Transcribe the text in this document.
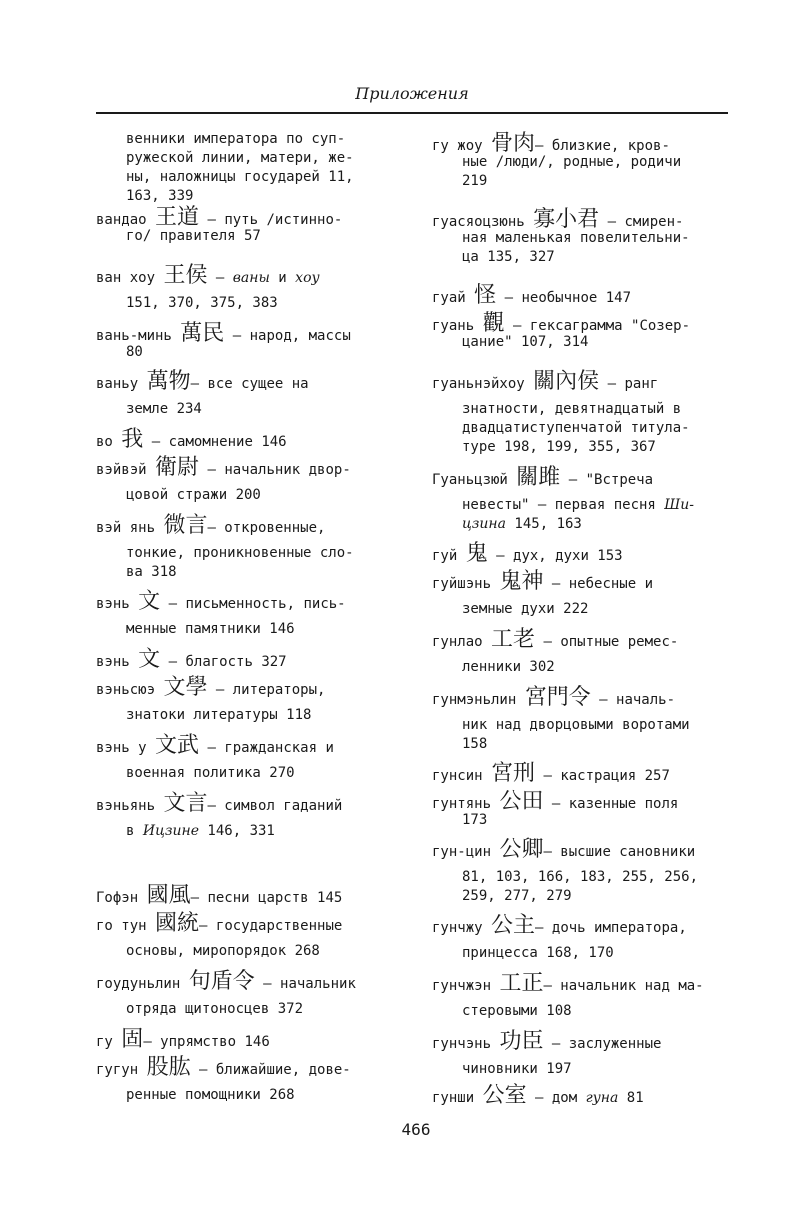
Приложения
венники императора по суп-
ружеской линии, матери, же-
ны, наложницы государей 11,
163, 339
вандао 王道 – путь /истинно-
го/ правителя 57
ван хоу 王侯 – ваны и хоу
151, 370, 375, 383
вань-минь 萬民 – народ, массы
80
ваньу 萬物– все сущее на
земле 234
во 我 – самомнение 146
вэйвэй 衛尉 – начальник двор-
цовой стражи 200
вэй янь 微言– откровенные,
тонкие, проникновенные сло-
ва 318
вэнь 文 – письменность, пись-
менные памятники 146
вэнь 文 – благость 327
вэньсюэ 文學 – литераторы,
знатоки литературы 118
вэнь у 文武 – гражданская и
военная политика 270
вэньянь 文言– символ гаданий
в Ицзине 146, 331
Гофэн 國風– песни царств 145
го тун 國統– государственные
основы, миропорядок 268
гоудуньлин 句盾令 – начальник
отряда щитоносцев 372
гу 固– упрямство 146
гугун 股肱 – ближайшие, дове-
ренные помощники 268
гу жоу 骨肉– близкие, кров-
ные /люди/, родные, родичи
219
гуасяоцзюнь 寡小君 – смирен-
ная маленькая повелительни-
ца 135, 327
гуай 怪 – необычное 147
гуань 觀 – гексаграмма "Созер-
цание" 107, 314
гуаньнэйхоу 關內侯 – ранг
знатности, девятнадцатый в
двадцатиступенчатой титула-
туре 198, 199, 355, 367
Гуаньцзюй 關雎 – "Встреча
невесты" – первая песня Ши-
цзина 145, 163
гуй 鬼 – дух, духи 153
гуйшэнь 鬼神 – небесные и
земные духи 222
гунлао 工老 – опытные ремес-
ленники 302
гунмэньлин 宮門令 – началь-
ник над дворцовыми воротами
158
гунсин 宮刑 – кастрация 257
гунтянь 公田 – казенные поля
173
гун-цин 公卿– высшие сановники
81, 103, 166, 183, 255, 256,
259, 277, 279
гунчжу 公主– дочь императора,
принцесса 168, 170
гунчжэн 工正– начальник над ма-
стеровыми 108
гунчэнь 功臣 – заслуженные
чиновники 197
гунши 公室 – дом гуна 81
466
